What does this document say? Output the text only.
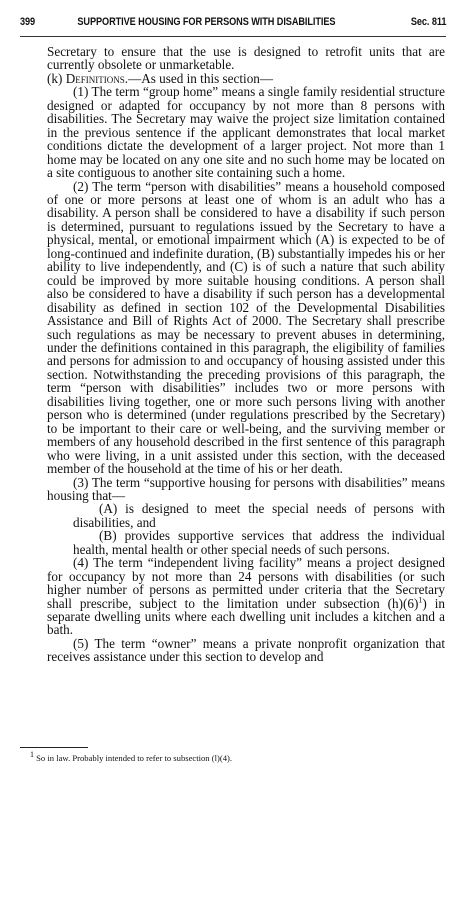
399	SUPPORTIVE HOUSING FOR PERSONS WITH DISABILITIES	Sec. 811

Secretary to ensure that the use is designed to retrofit units that are currently obsolete or unmarketable.

(k) Definitions.—As used in this section—

(1) The term “group home” means a single family residential structure designed or adapted for occupancy by not more than 8 persons with disabilities. The Secretary may waive the project size limitation contained in the previous sentence if the applicant demonstrates that local market conditions dictate the development of a larger project. Not more than 1 home may be located on any one site and no such home may be located on a site contiguous to another site containing such a home.

(2) The term “person with disabilities” means a household composed of one or more persons at least one of whom is an adult who has a disability. A person shall be considered to have a disability if such person is determined, pursuant to regulations issued by the Secretary to have a physical, mental, or emotional impairment which (A) is expected to be of long-continued and indefinite duration, (B) substantially impedes his or her ability to live independently, and (C) is of such a nature that such ability could be improved by more suitable housing conditions. A person shall also be considered to have a disability if such person has a developmental disability as defined in section 102 of the Developmental Disabilities Assistance and Bill of Rights Act of 2000. The Secretary shall prescribe such regulations as may be necessary to prevent abuses in determining, under the definitions contained in this paragraph, the eligibility of families and persons for admission to and occupancy of housing assisted under this section. Notwithstanding the preceding provisions of this paragraph, the term “person with disabilities” includes two or more persons with disabilities living together, one or more such persons living with another person who is determined (under regulations prescribed by the Secretary) to be important to their care or well-being, and the surviving member or members of any household described in the first sentence of this paragraph who were living, in a unit assisted under this section, with the deceased member of the household at the time of his or her death.

(3) The term “supportive housing for persons with disabilities” means housing that—

(A) is designed to meet the special needs of persons with disabilities, and

(B) provides supportive services that address the individual health, mental health or other special needs of such persons.

(4) The term “independent living facility” means a project designed for occupancy by not more than 24 persons with disabilities (or such higher number of persons as permitted under criteria that the Secretary shall prescribe, subject to the limitation under subsection $(h)(6)^1$) in separate dwelling units where each dwelling unit includes a kitchen and a bath.

(5) The term “owner” means a private nonprofit organization that receives assistance under this section to develop and

$^1$ So in law. Probably intended to refer to subsection (l)(4).
